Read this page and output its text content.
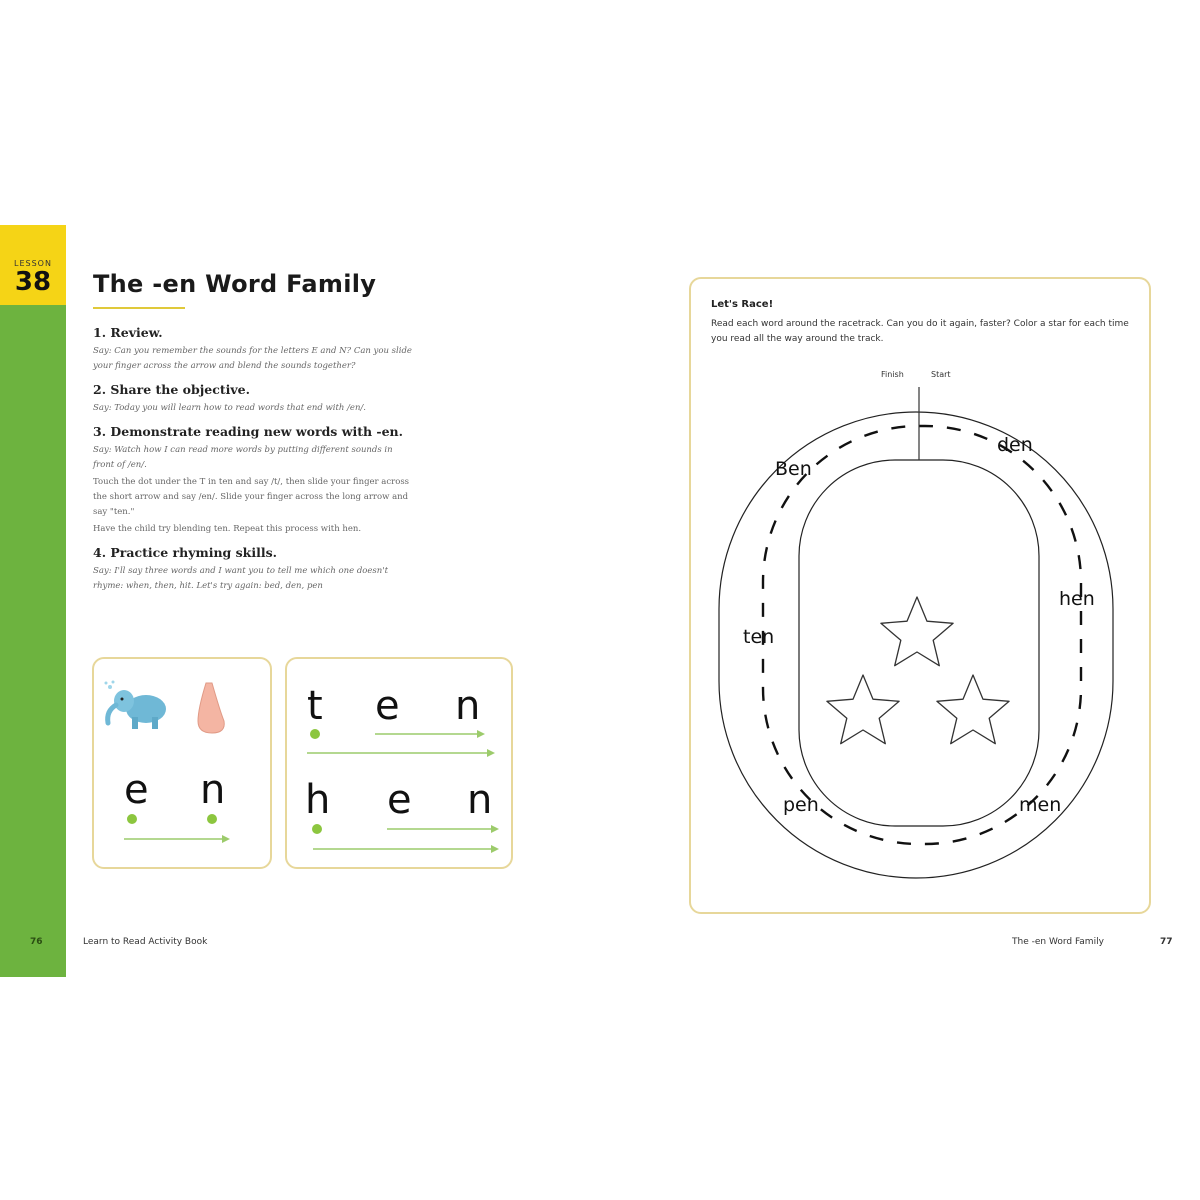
LESSON
38	The -en Word Family

1. Review.

Say: Can you remember the sounds for the letters E and N? Can you slide your finger across the arrow and blend the sounds together?

2. Share the objective.

Say: Today you will learn how to read words that end with /en/.

3. Demonstrate reading new words with -en.

Say: Watch how I can read more words by putting different sounds in front of /en/.

Touch the dot under the T in ten and say /t/, then slide your finger across the short arrow and say /en/. Slide your finger across the long arrow and say "ten."

Have the child try blending ten. Repeat this process with hen.

4. Practice rhyming skills.

Say: I'll say three words and I want you to tell me which one doesn't rhyme: when, then, hit. Let's try again: bed, den, pen

e n
t e n
h e n
76	Learn to Read Activity Book
Let's Race!
Read each word around the racetrack. Can you do it again, faster? Color a star for each time you read all the way around the track.
Finish	Start
den
hen
men
pen
ten
Ben
The -en Word Family	77
